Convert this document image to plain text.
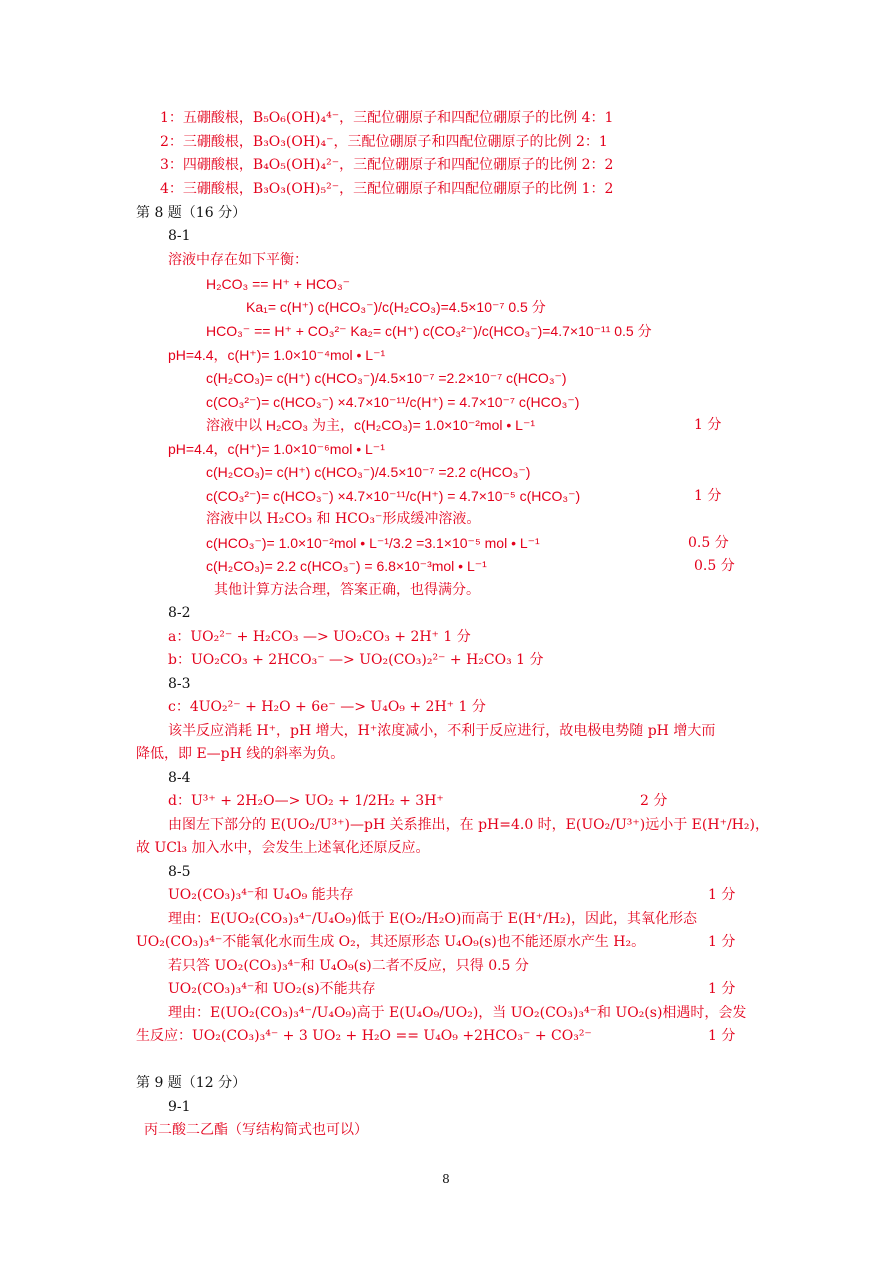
1：五硼酸根，B₅O₆(OH)₄⁴⁻，三配位硼原子和四配位硼原子的比例 4：1
2：三硼酸根，B₃O₃(OH)₄⁻，三配位硼原子和四配位硼原子的比例 2：1
3：四硼酸根，B₄O₅(OH)₄²⁻，三配位硼原子和四配位硼原子的比例 2：2
4：三硼酸根，B₃O₃(OH)₅²⁻，三配位硼原子和四配位硼原子的比例 1：2
第 8 题（16 分）
8-1
溶液中存在如下平衡：
H₂CO₃ == H⁺ + HCO₃⁻
Ka₁= c(H⁺) c(HCO₃⁻)/c(H₂CO₃)=4.5×10⁻⁷ 0.5 分
HCO₃⁻ == H⁺ + CO₃²⁻ Ka₂= c(H⁺) c(CO₃²⁻)/c(HCO₃⁻)=4.7×10⁻¹¹ 0.5 分
pH=4.4，c(H⁺)= 1.0×10⁻⁴mol • L⁻¹
c(H₂CO₃)= c(H⁺) c(HCO₃⁻)/4.5×10⁻⁷ =2.2×10⁻⁷ c(HCO₃⁻)
c(CO₃²⁻)= c(HCO₃⁻) ×4.7×10⁻¹¹/c(H⁺) = 4.7×10⁻⁷ c(HCO₃⁻)
溶液中以 H₂CO₃ 为主，c(H₂CO₃)= 1.0×10⁻²mol • L⁻¹	1 分
pH=4.4，c(H⁺)= 1.0×10⁻⁶mol • L⁻¹
c(H₂CO₃)= c(H⁺) c(HCO₃⁻)/4.5×10⁻⁷ =2.2 c(HCO₃⁻)
c(CO₃²⁻)= c(HCO₃⁻) ×4.7×10⁻¹¹/c(H⁺) = 4.7×10⁻⁵ c(HCO₃⁻)	1 分
溶液中以 H₂CO₃ 和 HCO₃⁻形成缓冲溶液。
c(HCO₃⁻)= 1.0×10⁻²mol • L⁻¹/3.2 =3.1×10⁻⁵ mol • L⁻¹	0.5 分
c(H₂CO₃)= 2.2 c(HCO₃⁻) = 6.8×10⁻³mol • L⁻¹	0.5 分
其他计算方法合理，答案正确，也得满分。
8-2
a：UO₂²⁻ + H₂CO₃ —> UO₂CO₃ + 2H⁺ 1 分
b：UO₂CO₃ + 2HCO₃⁻ —> UO₂(CO₃)₂²⁻ + H₂CO₃ 1 分
8-3
c：4UO₂²⁻ + H₂O + 6e⁻ —> U₄O₉ + 2H⁺ 1 分
该半反应消耗 H⁺，pH 增大，H⁺浓度减小，不利于反应进行，故电极电势随 pH 增大而
降低，即 E—pH 线的斜率为负。
8-4
d：U³⁺ + 2H₂O—> UO₂ + 1/2H₂ + 3H⁺	2 分
由图左下部分的 E(UO₂/U³⁺)—pH 关系推出，在 pH=4.0 时，E(UO₂/U³⁺)远小于 E(H⁺/H₂)，
故 UCl₃ 加入水中，会发生上述氧化还原反应。
8-5
UO₂(CO₃)₃⁴⁻和 U₄O₉ 能共存	1 分
理由：E(UO₂(CO₃)₃⁴⁻/U₄O₉)低于 E(O₂/H₂O)而高于 E(H⁺/H₂)，因此，其氧化形态
UO₂(CO₃)₃⁴⁻不能氧化水而生成 O₂，其还原形态 U₄O₉(s)也不能还原水产生 H₂。	1 分
若只答 UO₂(CO₃)₃⁴⁻和 U₄O₉(s)二者不反应，只得 0.5 分
UO₂(CO₃)₃⁴⁻和 UO₂(s)不能共存	1 分
理由：E(UO₂(CO₃)₃⁴⁻/U₄O₉)高于 E(U₄O₉/UO₂)，当 UO₂(CO₃)₃⁴⁻和 UO₂(s)相遇时，会发
生反应：UO₂(CO₃)₃⁴⁻ + 3 UO₂ + H₂O == U₄O₉ +2HCO₃⁻ + CO₃²⁻	1 分
第 9 题（12 分）
9-1
丙二酸二乙酯（写结构简式也可以）
8
